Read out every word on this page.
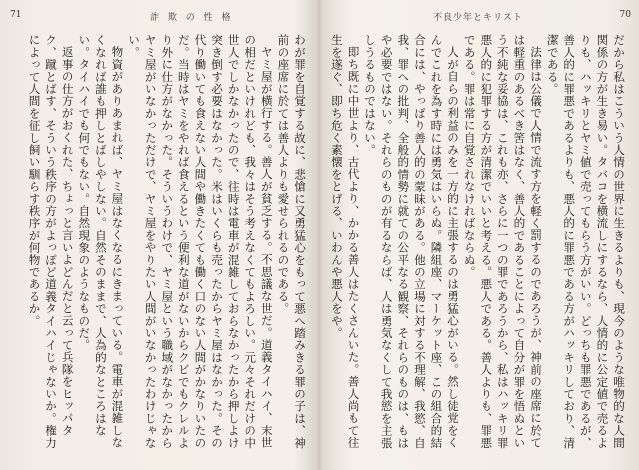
71	詐 欺 の 性 格

わが罪を自覚する故に、悲愴に又勇猛心をもって悪へ踏みきる罪の子は、神前の座席に於ては善人よりも愛せられるのである。

ヤミ屋が横行する。善人が貧乏する。不思議な世だ。道義タイハイ、末世の相だといけれども、我々はそう考えなくてもよろしい。元々それだけの中世人でしかなかったので、往時は電車が混雑しておらなかったから押しよけ突き倒す必要はなかった。米はいくらも売ったからヤミ屋はなかった。その代り働いても食えない人間や働きたくても働く口のない人間がかなりいたのだ。当時はヤミをやれば食えるという便利な道がないからクビでもクレルより外に仕方がなかった。そういうわけで、ヤミ屋という職域がなかったからヤミ屋がいなかっただけで、ヤミ屋をやりたい人間がいなかったわけじゃない。

物資がありあまれば、ヤミ屋はなくなるにきまっている。電車が混雑しなくなれば誰も押しとばしやしない。自然そのままで、人為的なところはない。タイハイでも何でもない。自然現象のようなものだ。

返事の仕方がおくれた、ちょっと言いよどんだと云って兵隊をヒッパタク、蹴とばす、そういう秩序の方がよっぽど道義タイハイじゃないか。権力によって人間を征し飼い馴らす秩序が何物であるか。

不良少年とキリスト	70

だから私はこういう人情の世界に生きるよりも、現今のような唯物的な人間関係の方が生き易い。タバコを横流しにするなら、人情的に公定値で売るよりも、ハッキリとヤミ値で売ってもらう方がいい。どっちも罪悪であるが、善人的に罪悪であるよりも、悪人的に罪悪である方がハッキリしており、清潔である。

法律は公儀で人情で流す方を軽く罰するのであろうが、神前の座席に於ては軽重のあるべき筈はなく、善人的であることによって自分が罪を悟ぬという不純な妥協は、これも亦、さらに一つの罪であろうから、私はハッキリ罪悪人的に犯罪する方が清潔でいいと考える。悪人である。善人よりも、罪悪である。罪は常に自覚されなければならぬ。

人が自らの利益のみを一方的に主張するのは勇猛心がいる。然し徒党をくんでこれを為す時には勇気はいらぬ。隣組座、マーケット座、この組合的結合には、やっぱり善人的の蒙昧がある。他の立場に対する不理解、我慾、自我、罪への批判、全般的情勢に就ての公平なる観察、それらのものは、もはや必要ではない。それらのものが有るならば、人は勇気なくして我慾を主張しうるものではない。

即ち既に中世より、古代より、かかる善人はたくさんいた。善人尚もて往生を遂ぐ、即ち危く素懐をとげる、いわんや悪人をや。
